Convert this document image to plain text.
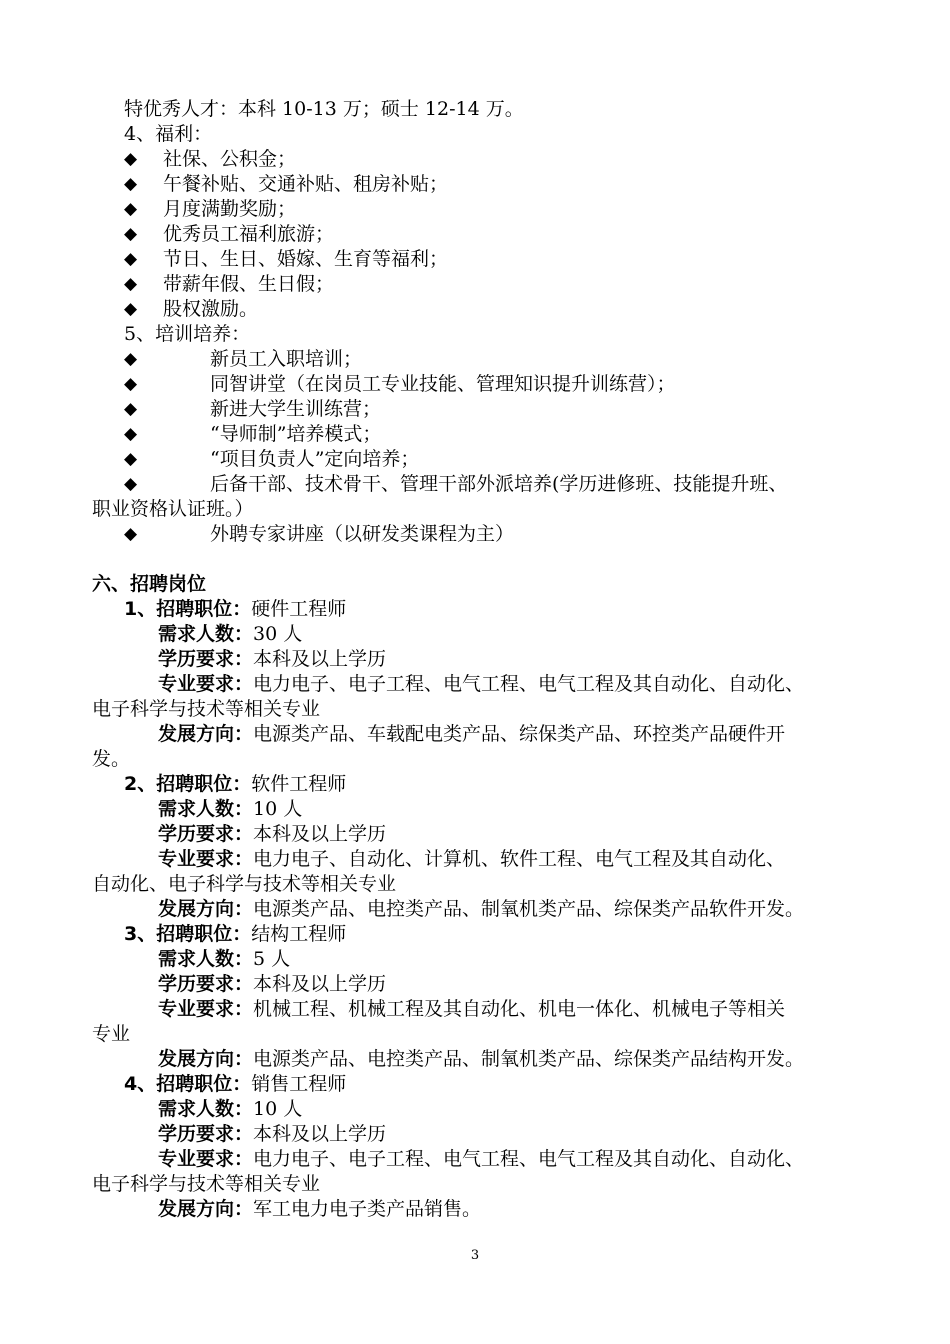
特优秀人才：本科 10-13 万；硕士 12-14 万。
4、福利：
◆ 社保、公积金；
◆ 午餐补贴、交通补贴、租房补贴；
◆ 月度满勤奖励；
◆ 优秀员工福利旅游；
◆ 节日、生日、婚嫁、生育等福利；
◆ 带薪年假、生日假；
◆ 股权激励。
5、培训培养：
◆	新员工入职培训；
◆	同智讲堂（在岗员工专业技能、管理知识提升训练营）；
◆	新进大学生训练营；
◆	“导师制”培养模式；
◆	“项目负责人”定向培养；
◆	后备干部、技术骨干、管理干部外派培养(学历进修班、技能提升班、
◆	外聘专家讲座（以研发类课程为主）
职业资格认证班。）
六、招聘岗位
1、招聘职位：硬件工程师
需求人数：30 人
学历要求：本科及以上学历
专业要求：电力电子、电子工程、电气工程、电气工程及其自动化、自动化、
电子科学与技术等相关专业
发展方向：电源类产品、车载配电类产品、综保类产品、环控类产品硬件开
发。
2、招聘职位：软件工程师
需求人数：10 人
学历要求：本科及以上学历
专业要求：电力电子、自动化、计算机、软件工程、电气工程及其自动化、
自动化、电子科学与技术等相关专业
发展方向：电源类产品、电控类产品、制氧机类产品、综保类产品软件开发。
3、招聘职位：结构工程师
需求人数：5 人
学历要求：本科及以上学历
专业要求：机械工程、机械工程及其自动化、机电一体化、机械电子等相关
专业
发展方向：电源类产品、电控类产品、制氧机类产品、综保类产品结构开发。
4、招聘职位：销售工程师
需求人数：10 人
学历要求：本科及以上学历
专业要求：电力电子、电子工程、电气工程、电气工程及其自动化、自动化、
电子科学与技术等相关专业
发展方向：军工电力电子类产品销售。
3
